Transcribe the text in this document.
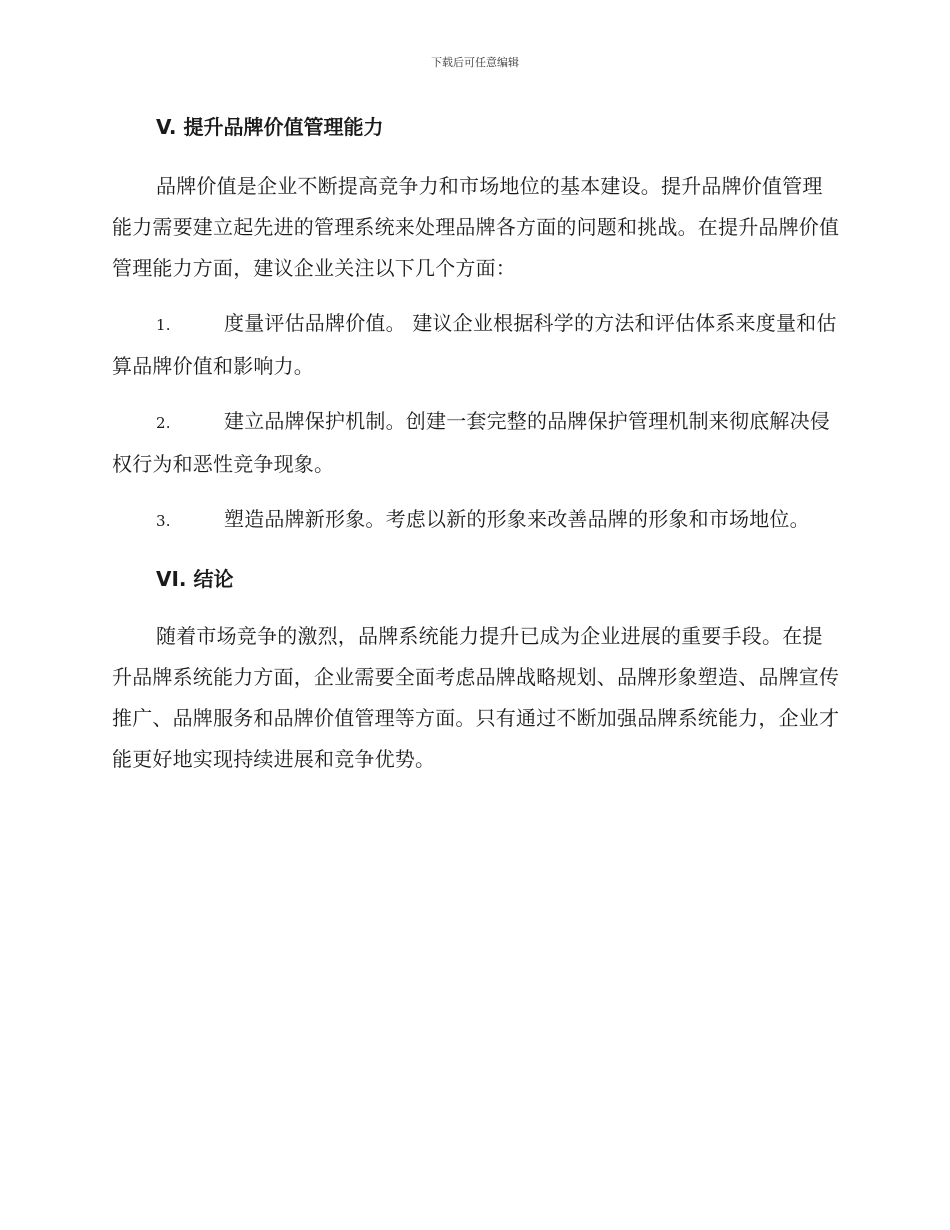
下载后可任意编辑
V. 提升品牌价值管理能力

品牌价值是企业不断提高竞争力和市场地位的基本建设。提升品牌价值管理能力需要建立起先进的管理系统来处理品牌各方面的问题和挑战。在提升品牌价值管理能力方面，建议企业关注以下几个方面：

1.	度量评估品牌价值。 建议企业根据科学的方法和评估体系来度量和估算品牌价值和影响力。

2.	建立品牌保护机制。创建一套完整的品牌保护管理机制来彻底解决侵权行为和恶性竞争现象。

3.	塑造品牌新形象。考虑以新的形象来改善品牌的形象和市场地位。

VI. 结论

随着市场竞争的激烈，品牌系统能力提升已成为企业进展的重要手段。在提升品牌系统能力方面，企业需要全面考虑品牌战略规划、品牌形象塑造、品牌宣传推广、品牌服务和品牌价值管理等方面。只有通过不断加强品牌系统能力，企业才能更好地实现持续进展和竞争优势。
